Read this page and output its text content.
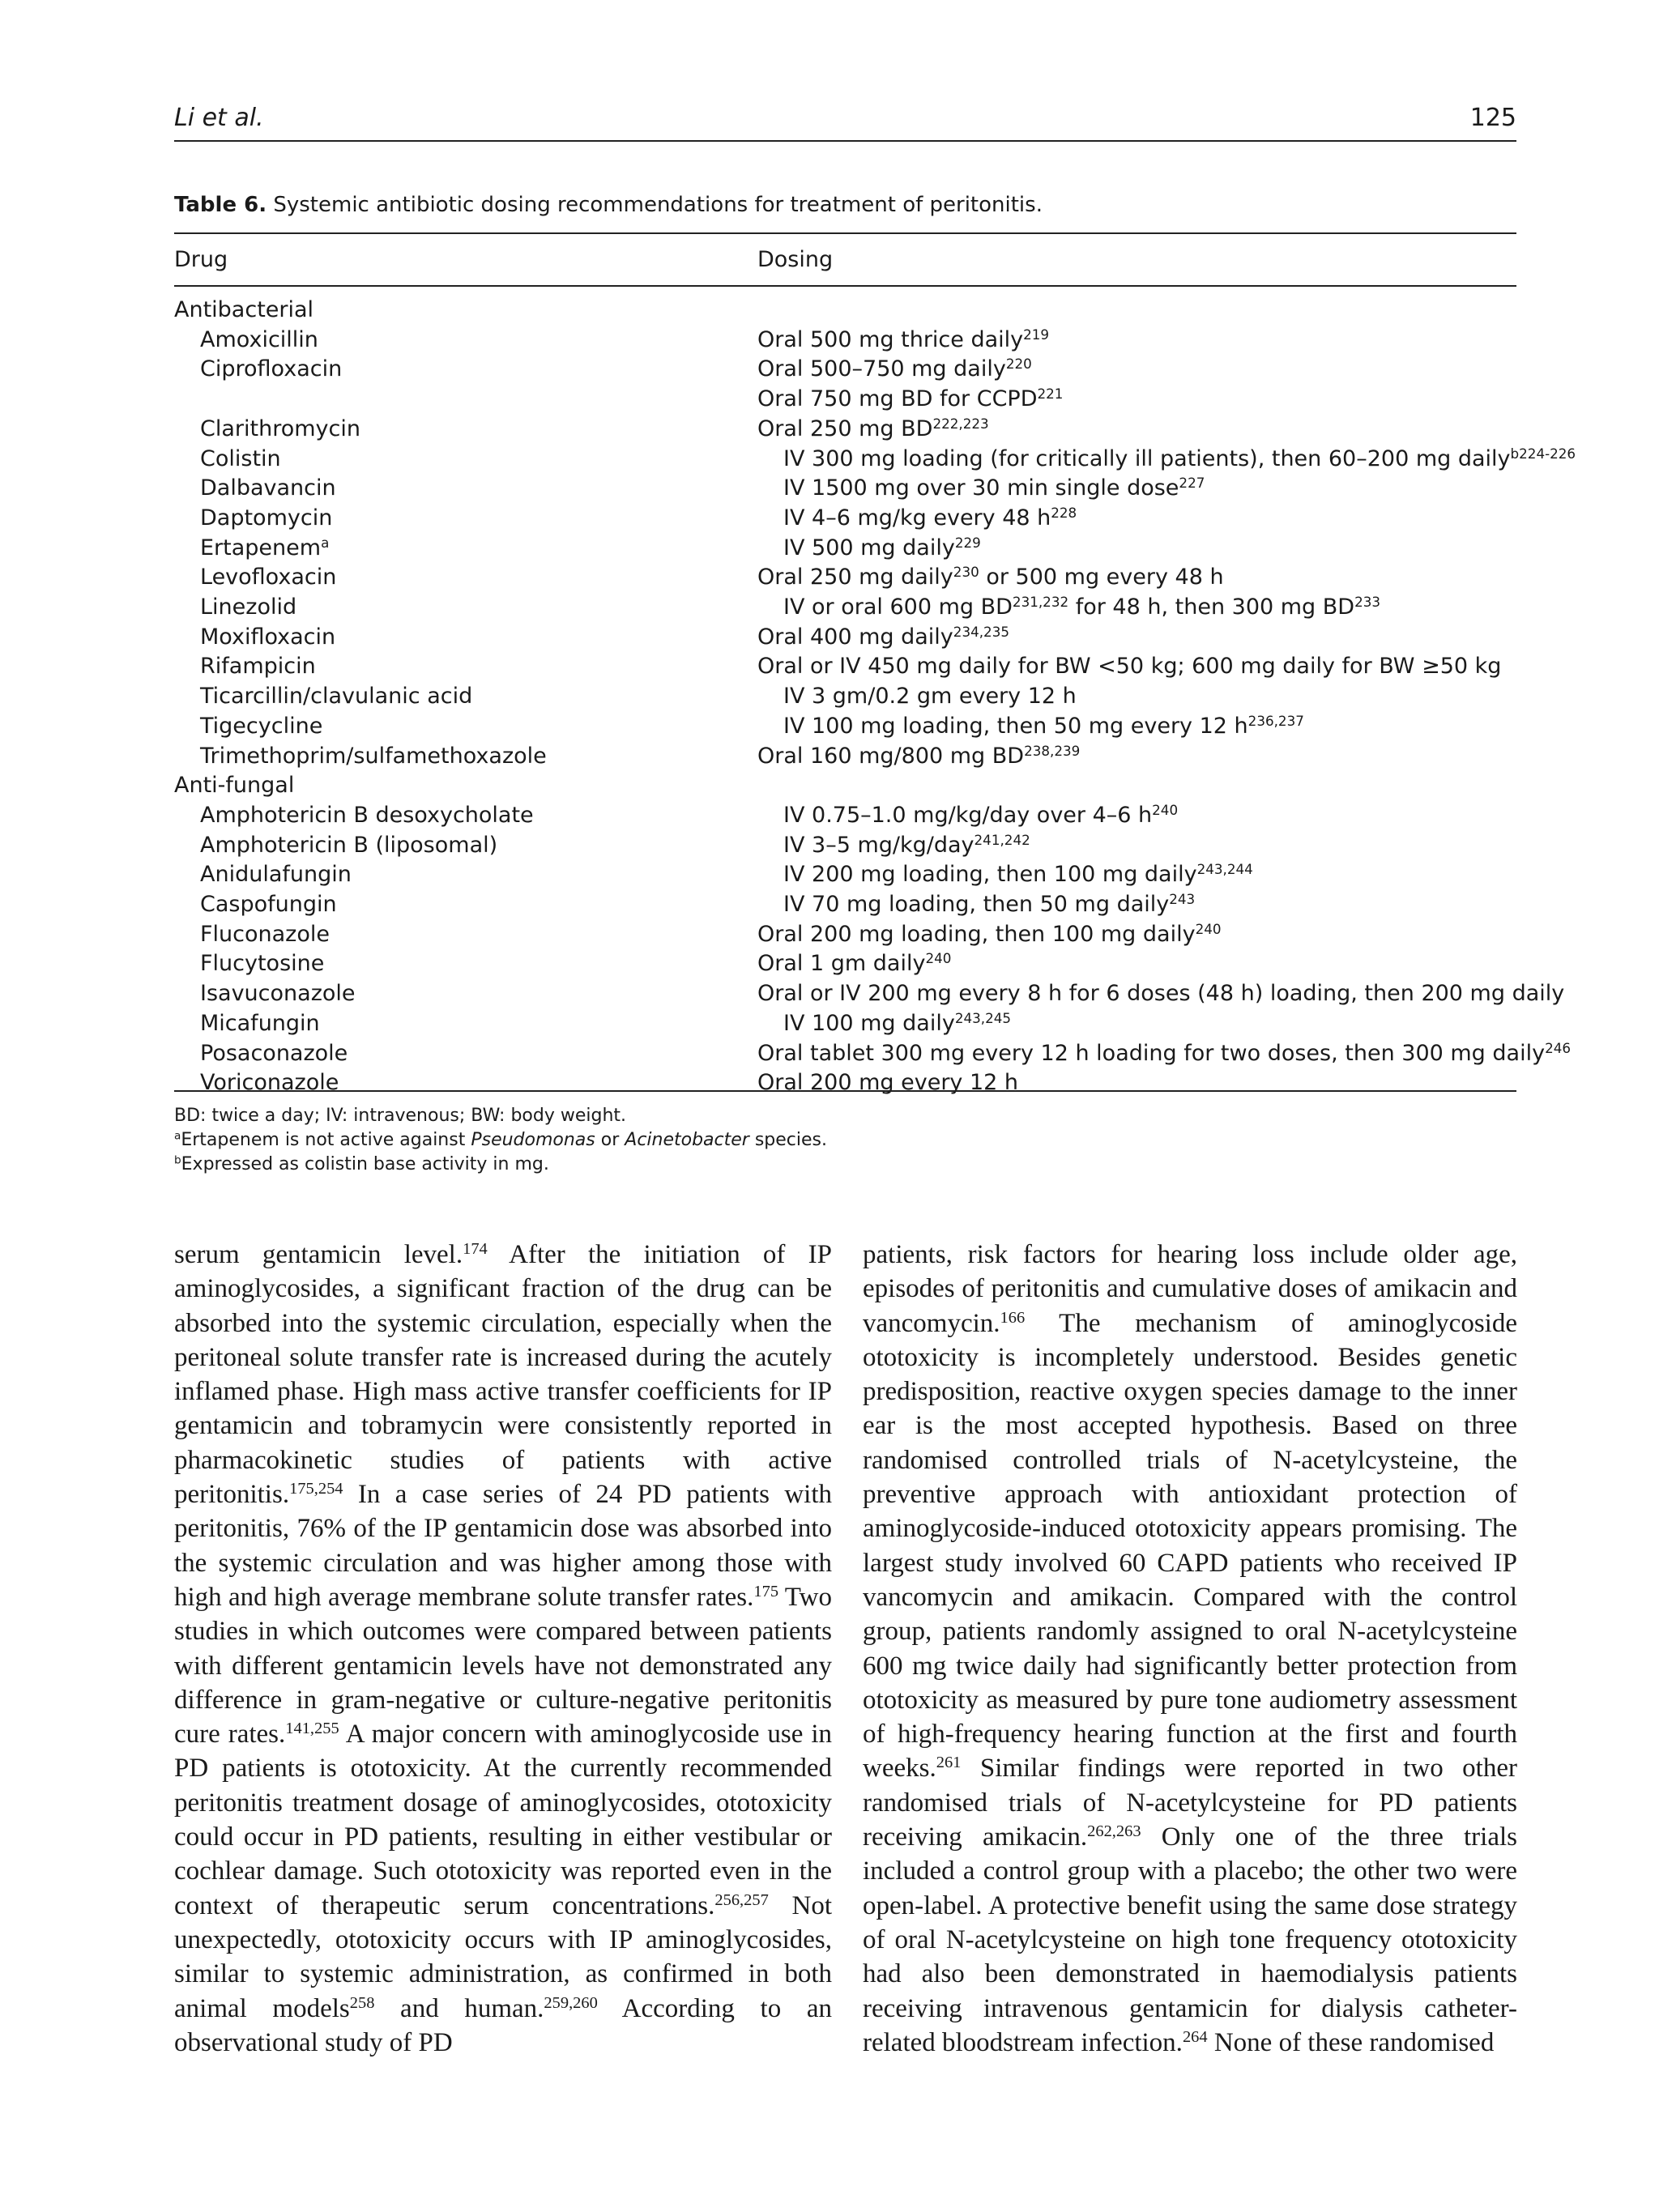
Li et al.	125
Table 6. Systemic antibiotic dosing recommendations for treatment of peritonitis.
Drug	Dosing
Antibacterial
Amoxicillin	Oral 500 mg thrice daily$^{219}$
Ciprofloxacin	Oral 500–750 mg daily$^{220}$
Oral 750 mg BD for CCPD$^{221}$
Clarithromycin	Oral 250 mg BD$^{222,223}$
Colistin	IV 300 mg loading (for critically ill patients), then 60–200 mg daily$^{b224-226}$
Dalbavancin	IV 1500 mg over 30 min single dose$^{227}$
Daptomycin	IV 4–6 mg/kg every 48 $h^{228}$
Ertapenem$^a$	IV 500 mg daily$^{229}$
Levofloxacin	Oral 250 mg daily$^{230}$ or 500 mg every 48 h
Linezolid	IV or oral 600 mg BD$^{231,232}$ for 48 h, then 300 mg BD$^{233}$
Moxifloxacin	Oral 400 mg daily$^{234,235}$
Rifampicin	Oral or IV 450 mg daily for BW <50 kg; 600 mg daily for BW ≥50 kg
Ticarcillin/clavulanic acid	IV 3 gm/0.2 gm every 12 h
Tigecycline	IV 100 mg loading, then 50 mg every 12 $h^{236,237}$
Trimethoprim/sulfamethoxazole	Oral 160 mg/800 mg BD$^{238,239}$
Anti-fungal
Amphotericin B desoxycholate	IV 0.75–1.0 mg/kg/day over 4–6 $h^{240}$
Amphotericin B (liposomal)	IV 3–5 mg/kg/day$^{241,242}$
Anidulafungin	IV 200 mg loading, then 100 mg daily$^{243,244}$
Caspofungin	IV 70 mg loading, then 50 mg daily$^{243}$
Fluconazole	Oral 200 mg loading, then 100 mg daily$^{240}$
Flucytosine	Oral 1 gm daily$^{240}$
Isavuconazole	Oral or IV 200 mg every 8 h for 6 doses (48 h) loading, then 200 mg daily
Micafungin	IV 100 mg daily$^{243,245}$
Posaconazole	Oral tablet 300 mg every 12 h loading for two doses, then 300 mg daily$^{246}$
Voriconazole	Oral 200 mg every 12 h
BD: twice a day; IV: intravenous; BW: body weight.
$^a$Ertapenem is not active against Pseudomonas or Acinetobacter species.
$^b$Expressed as colistin base activity in mg.
serum gentamicin level.$^{174}$ After the initiation of IP aminoglycosides, a significant fraction of the drug can be absorbed into the systemic circulation, especially when the peritoneal solute transfer rate is increased during the acutely inflamed phase. High mass active transfer coefficients for IP gentamicin and tobramycin were consistently reported in pharmacokinetic studies of patients with active peritonitis.$^{175,254}$ In a case series of 24 PD patients with peritonitis, 76% of the IP gentamicin dose was absorbed into the systemic circulation and was higher among those with high and high average membrane solute transfer rates.$^{175}$ Two studies in which outcomes were compared between patients with different gentamicin levels have not demonstrated any difference in gram-negative or culture-negative peritonitis cure rates.$^{141,255}$ A major concern with aminoglycoside use in PD patients is ototoxicity. At the currently recommended peritonitis treatment dosage of aminoglycosides, ototoxicity could occur in PD patients, resulting in either vestibular or cochlear damage. Such ototoxicity was reported even in the context of therapeutic serum concentrations.$^{256,257}$ Not unexpectedly, ototoxicity occurs with IP aminoglycosides, similar to systemic administration, as confirmed in both animal models$^{258}$ and human.$^{259,260}$ According to an observational study of PD
patients, risk factors for hearing loss include older age, episodes of peritonitis and cumulative doses of amikacin and vancomycin.$^{166}$ The mechanism of aminoglycoside ototoxicity is incompletely understood. Besides genetic predisposition, reactive oxygen species damage to the inner ear is the most accepted hypothesis. Based on three randomised controlled trials of N-acetylcysteine, the preventive approach with antioxidant protection of aminoglycoside-induced ototoxicity appears promising. The largest study involved 60 CAPD patients who received IP vancomycin and amikacin. Compared with the control group, patients randomly assigned to oral N-acetylcysteine 600 mg twice daily had significantly better protection from ototoxicity as measured by pure tone audiometry assessment of high-frequency hearing function at the first and fourth weeks.$^{261}$ Similar findings were reported in two other randomised trials of N-acetylcysteine for PD patients receiving amikacin.$^{262,263}$ Only one of the three trials included a control group with a placebo; the other two were open-label. A protective benefit using the same dose strategy of oral N-acetylcysteine on high tone frequency ototoxicity had also been demonstrated in haemodialysis patients receiving intravenous gentamicin for dialysis catheter-related bloodstream infection.$^{264}$ None of these randomised
